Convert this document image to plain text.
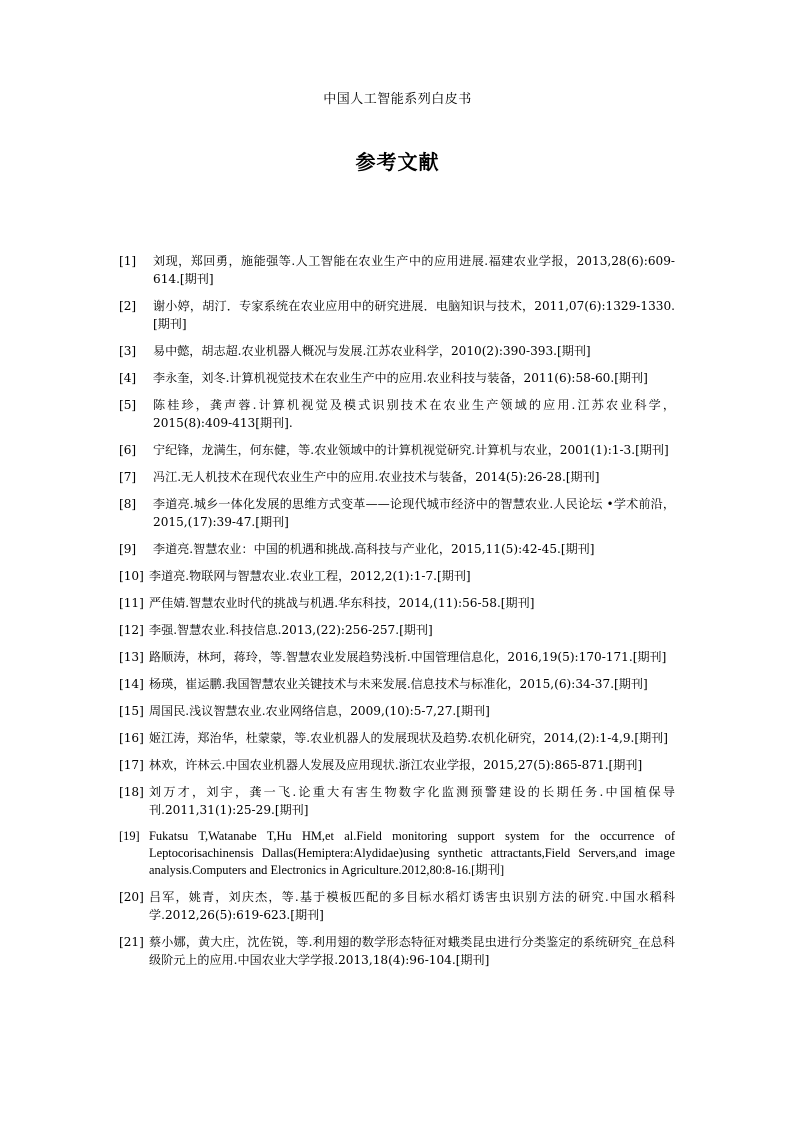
中国人工智能系列白皮书
参考文献
[1] 刘现，郑回勇，施能强等.人工智能在农业生产中的应用进展.福建农业学报，2013,28(6):609-614.[期刊]
[2] 谢小婷，胡汀．专家系统在农业应用中的研究进展．电脑知识与技术，2011,07(6):1329-1330.[期刊]
[3] 易中懿，胡志超.农业机器人概况与发展.江苏农业科学，2010(2):390-393.[期刊]
[4] 李永奎，刘冬.计算机视觉技术在农业生产中的应用.农业科技与装备，2011(6):58-60.[期刊]
[5] 陈桂珍，龚声蓉.计算机视觉及模式识别技术在农业生产领域的应用.江苏农业科学，2015(8):409-413[期刊].
[6] 宁纪锋，龙满生，何东健，等.农业领域中的计算机视觉研究.计算机与农业，2001(1):1-3.[期刊]
[7] 冯江.无人机技术在现代农业生产中的应用.农业技术与装备，2014(5):26-28.[期刊]
[8] 李道亮.城乡一体化发展的思维方式变革——论现代城市经济中的智慧农业.人民论坛 •学术前沿，2015,(17):39-47.[期刊]
[9] 李道亮.智慧农业：中国的机遇和挑战.高科技与产业化，2015,11(5):42-45.[期刊]
[10] 李道亮.物联网与智慧农业.农业工程，2012,2(1):1-7.[期刊]
[11] 严佳婧.智慧农业时代的挑战与机遇.华东科技，2014,(11):56-58.[期刊]
[12] 李强.智慧农业.科技信息.2013,(22):256-257.[期刊]
[13] 路顺涛，林珂，蒋玲，等.智慧农业发展趋势浅析.中国管理信息化，2016,19(5):170-171.[期刊]
[14] 杨瑛，崔运鹏.我国智慧农业关键技术与未来发展.信息技术与标准化，2015,(6):34-37.[期刊]
[15] 周国民.浅议智慧农业.农业网络信息，2009,(10):5-7,27.[期刊]
[16] 姬江涛，郑治华，杜蒙蒙，等.农业机器人的发展现状及趋势.农机化研究，2014,(2):1-4,9.[期刊]
[17] 林欢，许林云.中国农业机器人发展及应用现状.浙江农业学报，2015,27(5):865-871.[期刊]
[18] 刘万才，刘宇，龚一飞.论重大有害生物数字化监测预警建设的长期任务.中国植保导刊.2011,31(1):25-29.[期刊]
[19] Fukatsu T,Watanabe T,Hu HM,et al.Field monitoring support system for the occurrence of Leptocorisachinensis Dallas(Hemiptera:Alydidae)using synthetic attractants,Field Servers,and image analysis.Computers and Electronics in Agriculture.2012,80:8-16.[期刊]
[20] 吕军，姚青，刘庆杰，等.基于模板匹配的多目标水稻灯诱害虫识别方法的研究.中国水稻科学.2012,26(5):619-623.[期刊]
[21] 蔡小娜，黄大庄，沈佐锐，等.利用翅的数学形态特征对蛾类昆虫进行分类鉴定的系统研究_在总科级阶元上的应用.中国农业大学学报.2013,18(4):96-104.[期刊]
